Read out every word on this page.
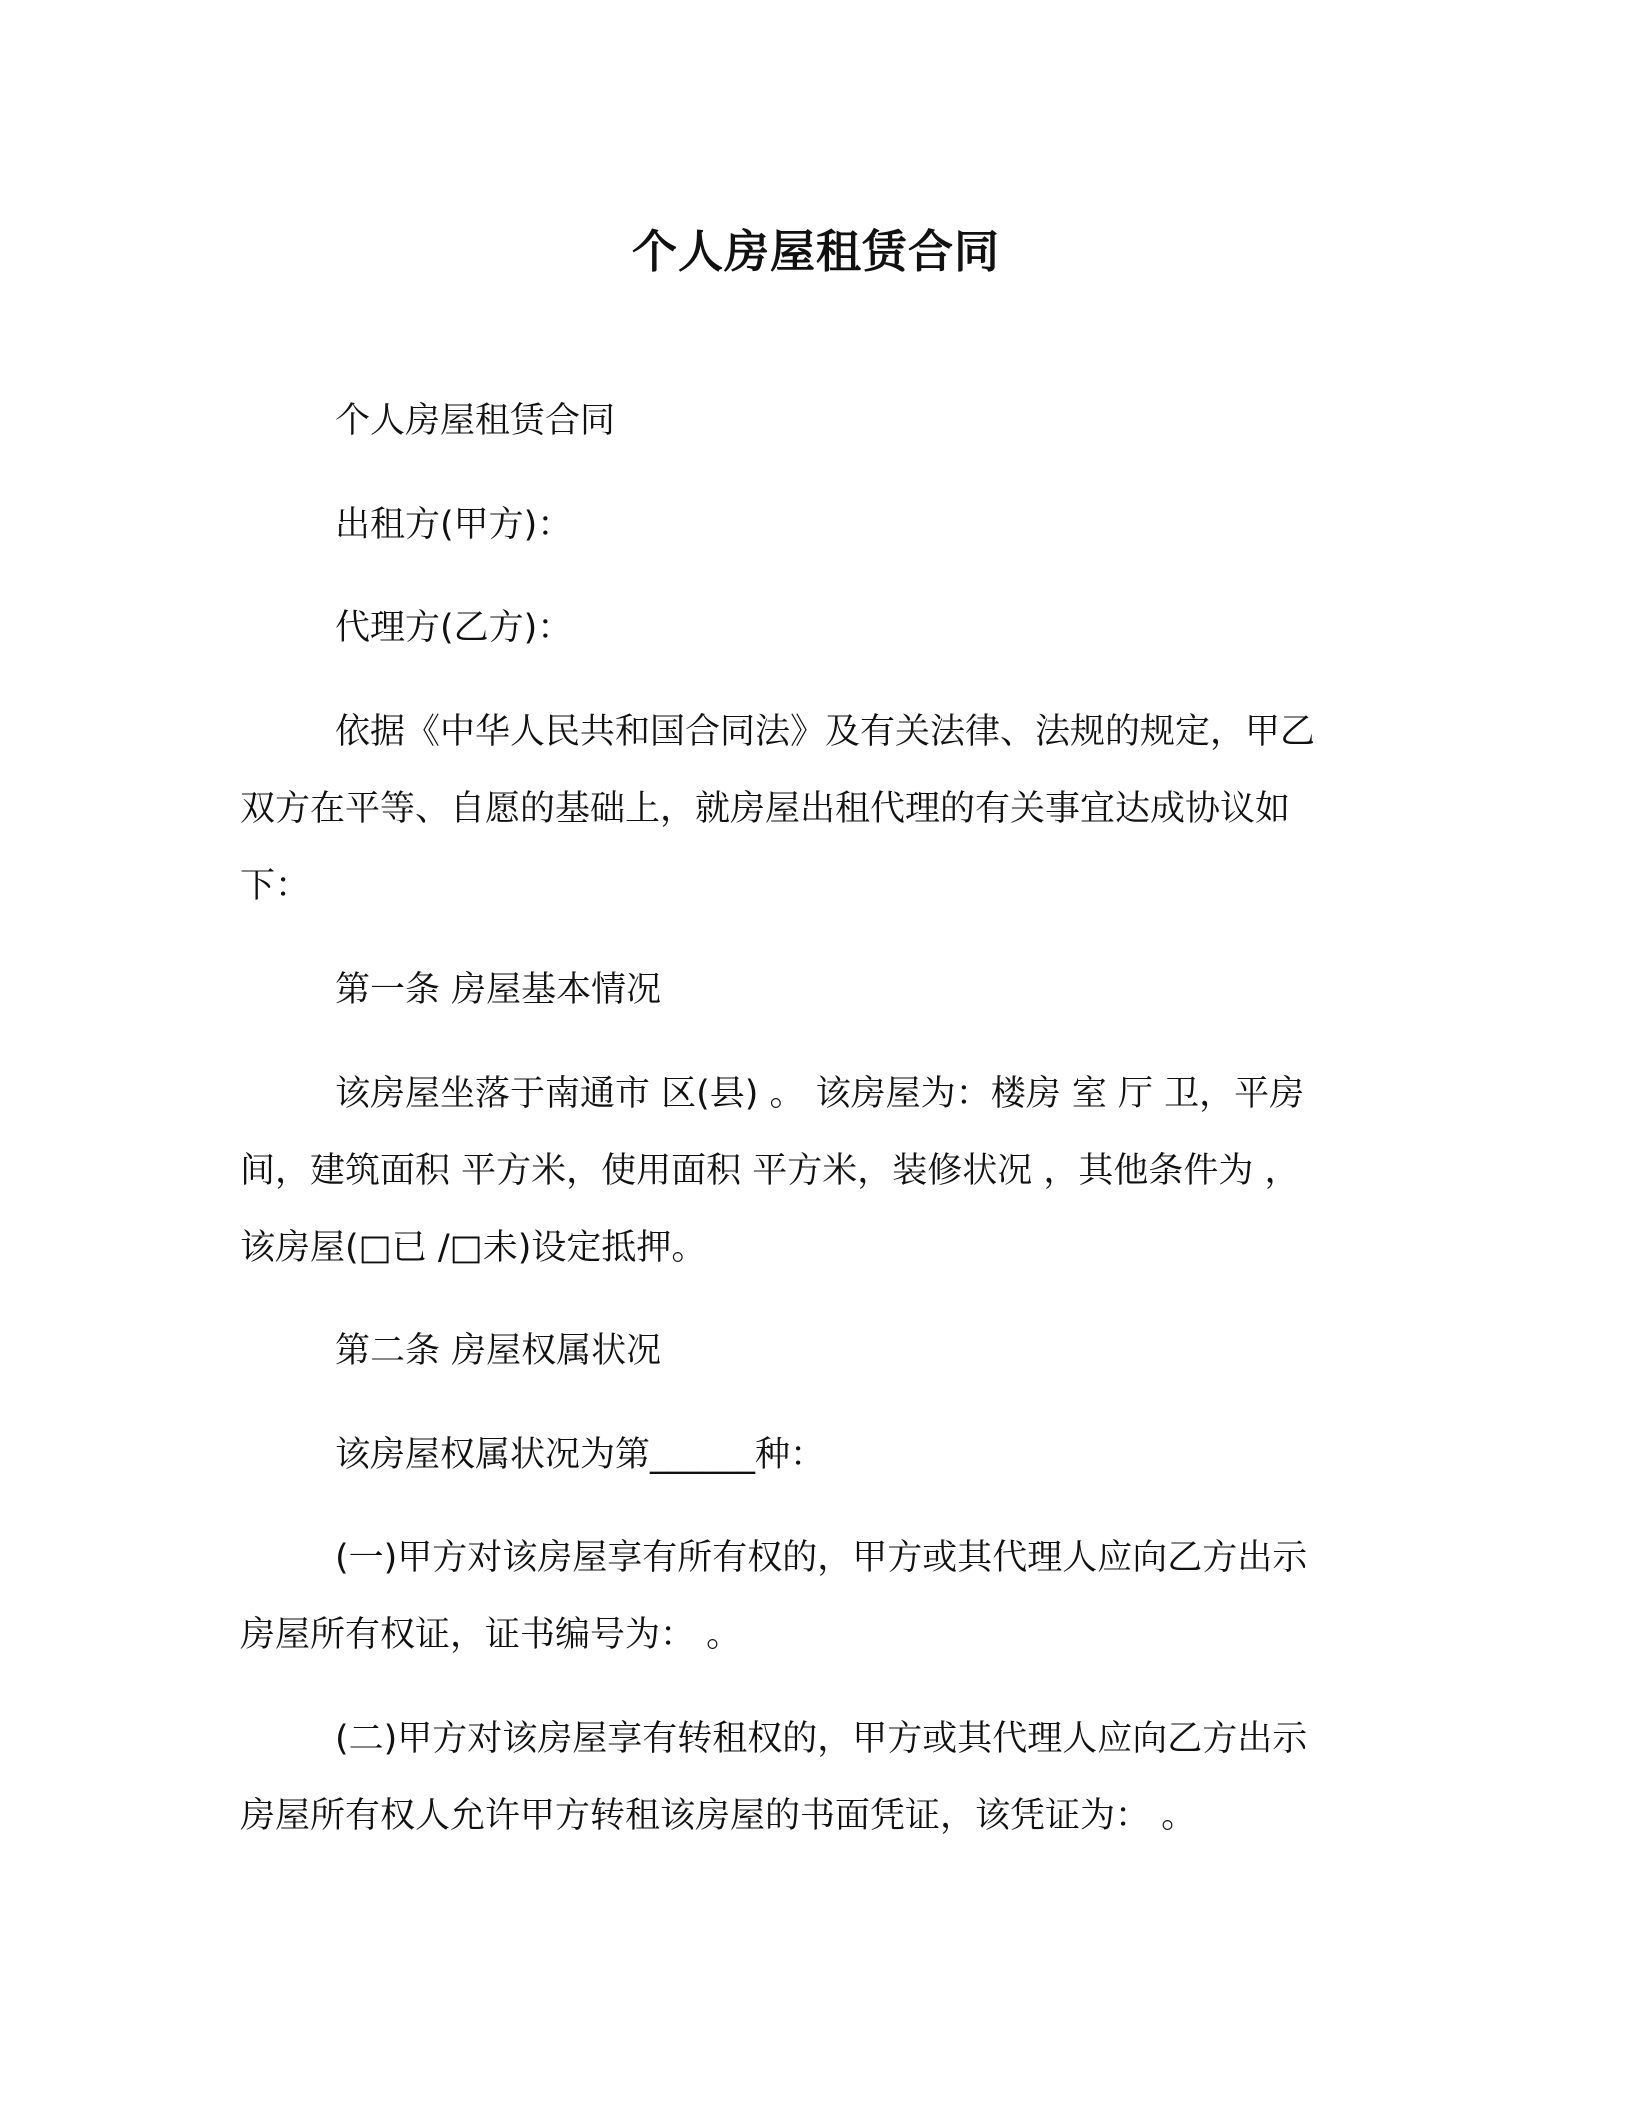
个人房屋租赁合同
个人房屋租赁合同
出租方(甲方)：
代理方(乙方)：
依据《中华人民共和国合同法》及有关法律、法规的规定，甲乙
双方在平等、自愿的基础上，就房屋出租代理的有关事宜达成协议如
下：
第一条 房屋基本情况
该房屋坐落于南通市 区(县) 。 该房屋为：楼房 室 厅 卫，平房
间，建筑面积 平方米，使用面积 平方米，装修状况 ，其他条件为 ，
该房屋(□已 /□未)设定抵押。
第二条 房屋权属状况
该房屋权属状况为第______种：
(一)甲方对该房屋享有所有权的，甲方或其代理人应向乙方出示
房屋所有权证，证书编号为： 。
(二)甲方对该房屋享有转租权的，甲方或其代理人应向乙方出示
房屋所有权人允许甲方转租该房屋的书面凭证，该凭证为： 。
